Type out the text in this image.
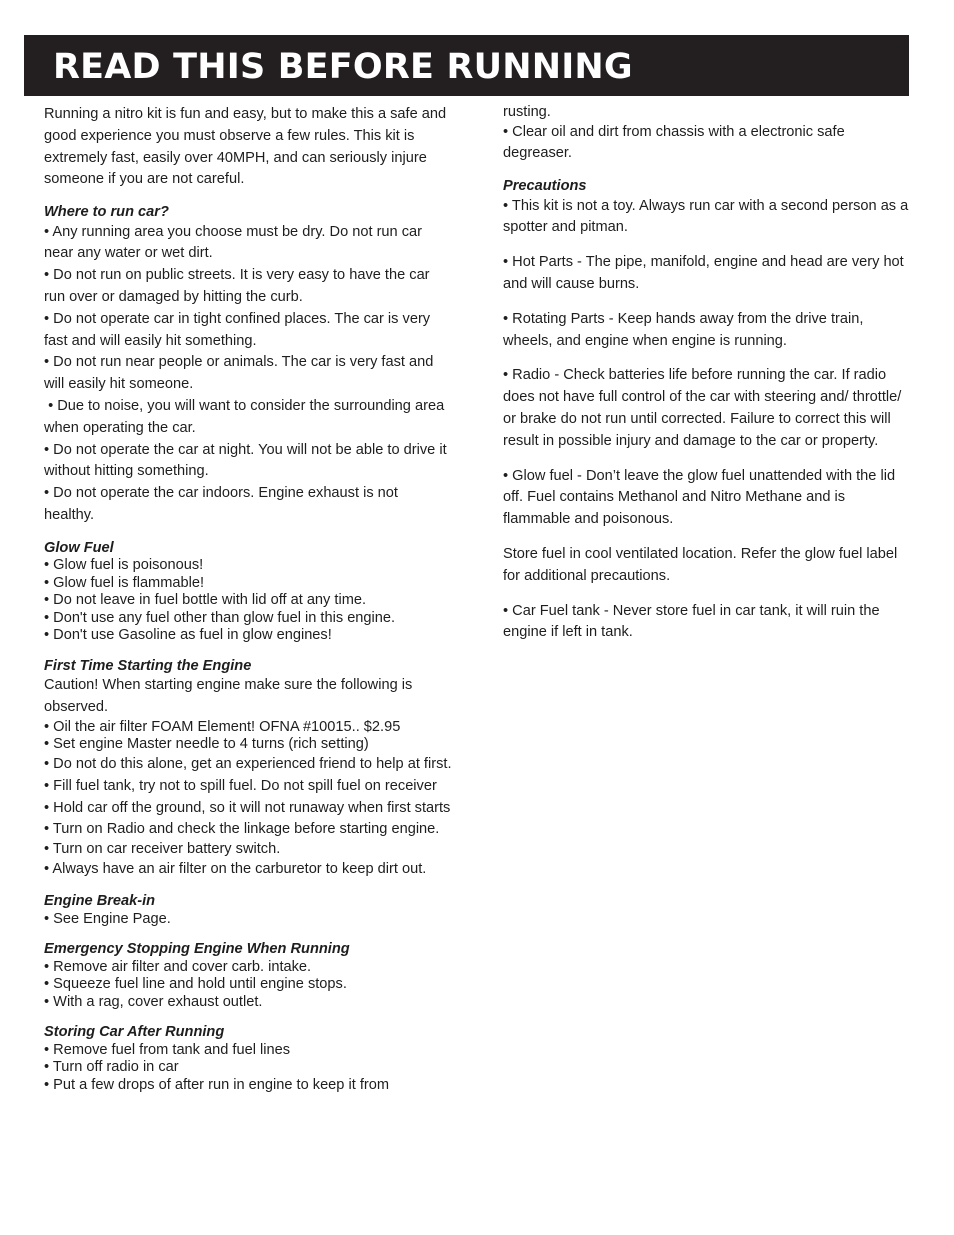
READ THIS BEFORE RUNNING

Running a nitro kit is fun and easy, but to make this a safe and good experience you must observe a few rules. This kit is extremely fast, easily over 40MPH, and can seriously injure someone if you are not careful.

Where to run car?

• Any running area you choose must be dry. Do not run car near any water or wet dirt.

• Do not run on public streets. It is very easy to have the car run over or damaged by hitting the curb.

• Do not operate car in tight confined places. The car is very fast and will easily hit something.

• Do not run near people or animals. The car is very fast and will easily hit someone.

• Due to noise, you will want to consider the surrounding area when operating the car.

• Do not operate the car at night. You will not be able to drive it without hitting something.

• Do not operate the car indoors. Engine exhaust is not healthy.

Glow Fuel

• Glow fuel is poisonous!

• Glow fuel is flammable!

• Do not leave in fuel bottle with lid off at any time.

• Don't use any fuel other than glow fuel in this engine.

• Don't use Gasoline as fuel in glow engines!

First Time Starting the Engine

Caution! When starting engine make sure the following is observed.

• Oil the air filter FOAM Element! OFNA #10015.. $2.95

• Set engine Master needle to 4 turns (rich setting)

• Do not do this alone, get an experienced friend to help at first.

• Fill fuel tank, try not to spill fuel. Do not spill fuel on receiver

• Hold car off the ground, so it will not runaway when first starts

• Turn on Radio and check the linkage before starting engine.

• Turn on car receiver battery switch.

• Always have an air filter on the carburetor to keep dirt out.

Engine Break-in

• See Engine Page.

Emergency Stopping Engine When Running

• Remove air filter and cover carb. intake.

• Squeeze fuel line and hold until engine stops.

• With a rag, cover exhaust outlet.

Storing Car After Running

• Remove fuel from tank and fuel lines

• Turn off radio in car

• Put a few drops of after run in engine to keep it from

rusting.

• Clear oil and dirt from chassis with a electronic safe degreaser.

Precautions

• This kit is not a toy. Always run car with a second person as a spotter and pitman.

• Hot Parts - The pipe, manifold, engine and head are very hot and will cause burns.

• Rotating Parts - Keep hands away from the drive train, wheels, and engine when engine is running.

• Radio - Check batteries life before running the car. If radio does not have full control of the car with steering and/ throttle/ or brake do not run until corrected. Failure to correct this will result in possible injury and damage to the car or property.

• Glow fuel - Don’t leave the glow fuel unattended with the lid off. Fuel contains Methanol and Nitro Methane and is flammable and poisonous.

Store fuel in cool ventilated location. Refer the glow fuel label for additional precautions.

• Car Fuel tank - Never store fuel in car tank, it will ruin the engine if left in tank.
